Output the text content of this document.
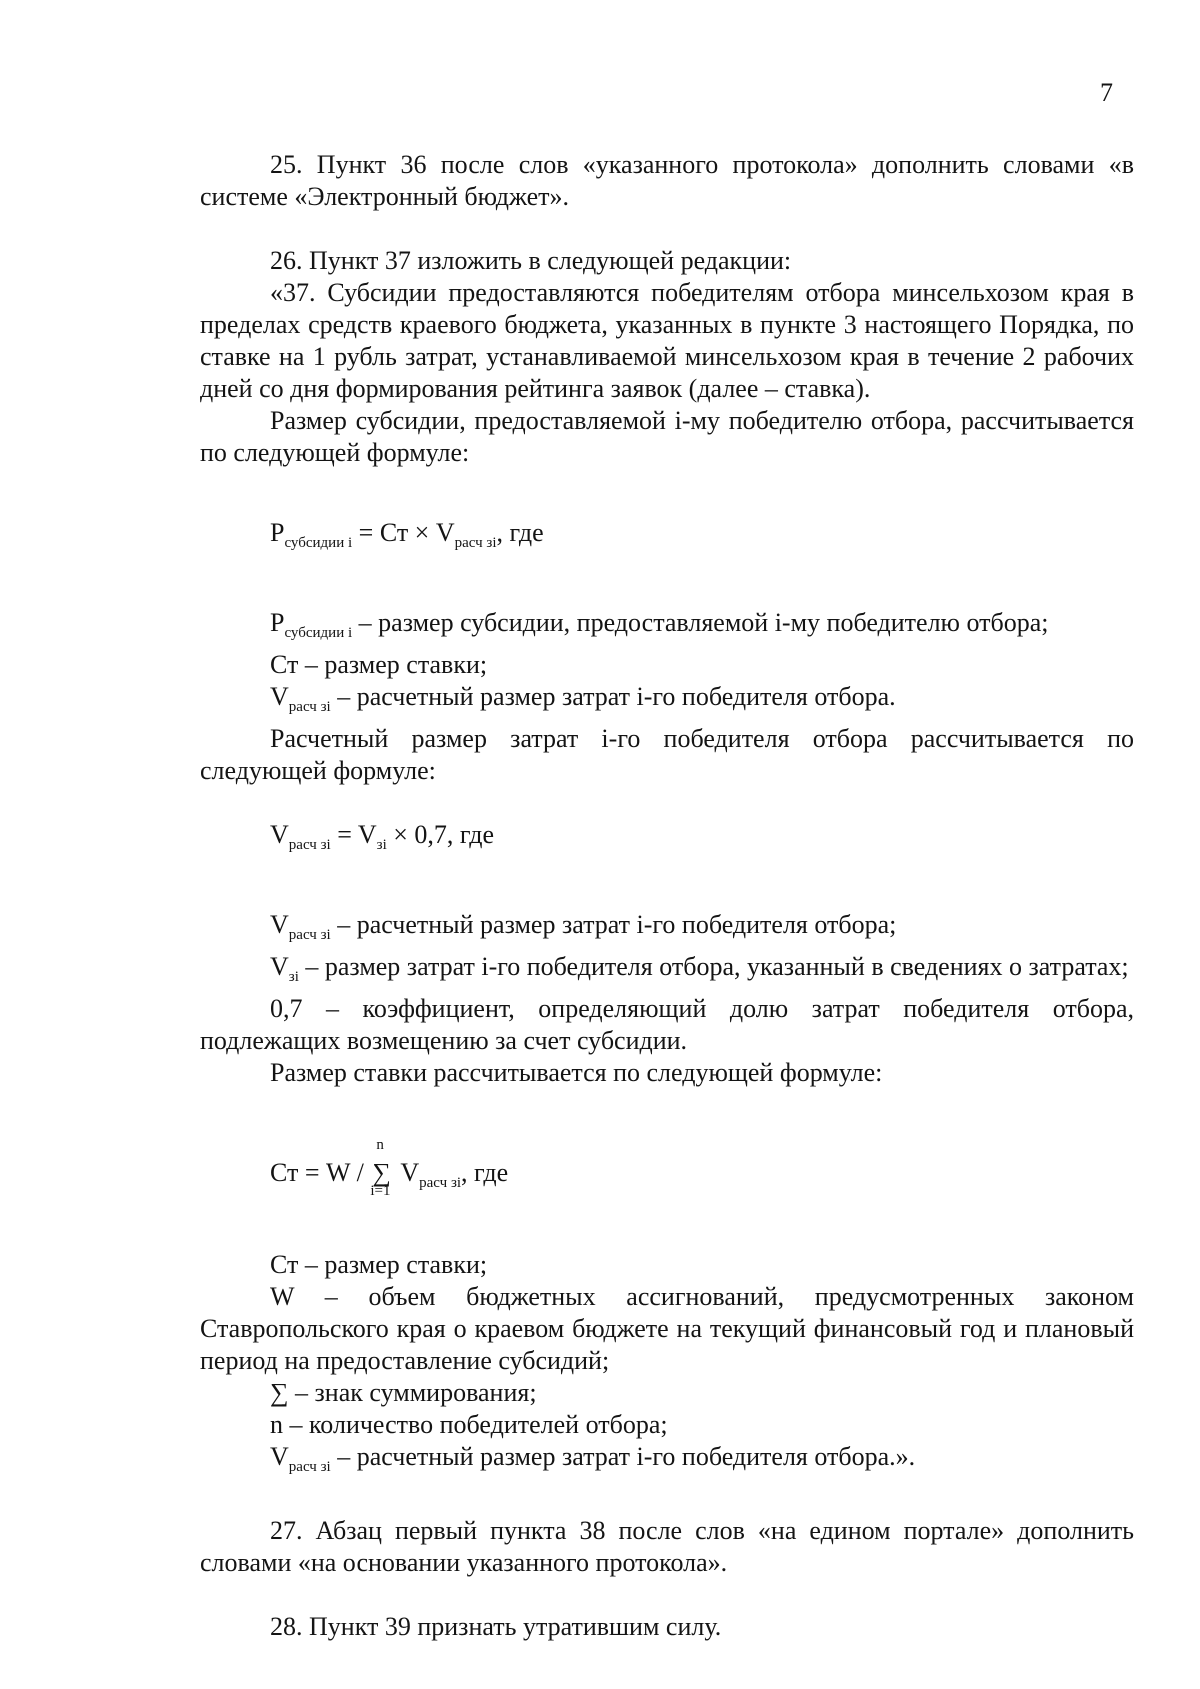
7

25. Пункт 36 после слов «указанного протокола» дополнить словами «в системе «Электронный бюджет».

26. Пункт 37 изложить в следующей редакции:

«37. Субсидии предоставляются победителям отбора минсельхозом края в пределах средств краевого бюджета, указанных в пункте 3 настоящего Порядка, по ставке на 1 рубль затрат, устанавливаемой минсельхозом края в течение 2 рабочих дней со дня формирования рейтинга заявок (далее – ставка).

Размер субсидии, предоставляемой i-му победителю отбора, рассчитывается по следующей формуле:

$Р_{субсидии i}$ = Ст × $V_{расч зi}$, где

$Р_{субсидии i}$ – размер субсидии, предоставляемой i-му победителю отбора;

Ст – размер ставки;

$V_{расч зi}$ – расчетный размер затрат i-го победителя отбора.

Расчетный размер затрат i-го победителя отбора рассчитывается по следующей формуле:

$V_{расч зi} = V_{зi} \times 0,7$, где

$V_{расч зi}$ – расчетный размер затрат i-го победителя отбора;

$V_{зi}$ – размер затрат i-го победителя отбора, указанный в сведениях о затратах;

0,7 – коэффициент, определяющий долю затрат победителя отбора, подлежащих возмещению за счет субсидии.

Размер ставки рассчитывается по следующей формуле:

Ст = W /
n
∑
i=1
$V_{расч зi}$, где

Ст – размер ставки;

W – объем бюджетных ассигнований, предусмотренных законом Ставропольского края о краевом бюджете на текущий финансовый год и плановый период на предоставление субсидий;

∑ – знак суммирования;

n – количество победителей отбора;

$V_{расч зi}$ – расчетный размер затрат i-го победителя отбора.».

27. Абзац первый пункта 38 после слов «на едином портале» дополнить словами «на основании указанного протокола».

28. Пункт 39 признать утратившим силу.
